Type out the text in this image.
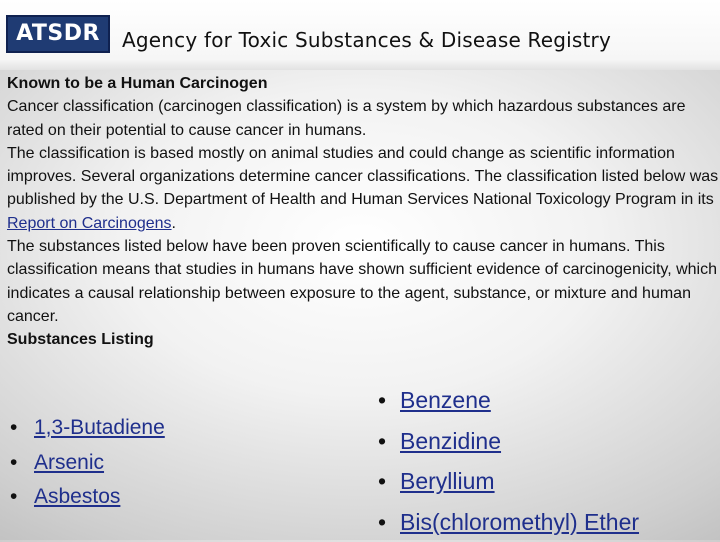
ATSDR	Agency for Toxic Substances & Disease Registry

Known to be a Human Carcinogen

Cancer classification (carcinogen classification) is a system by which hazardous substances are rated on their potential to cause cancer in humans.

The classification is based mostly on animal studies and could change as scientific information improves. Several organizations determine cancer classifications. The classification listed below was published by the U.S. Department of Health and Human Services National Toxicology Program in its Report on Carcinogens.

The substances listed below have been proven scientifically to cause cancer in humans. This classification means that studies in humans have shown sufficient evidence of carcinogenicity, which indicates a causal relationship between exposure to the agent, substance, or mixture and human cancer.

Substances Listing

• 1,3-Butadiene
• Arsenic
• Asbestos
• Benzene
• Benzidine
• Beryllium
• Bis(chloromethyl) Ether
